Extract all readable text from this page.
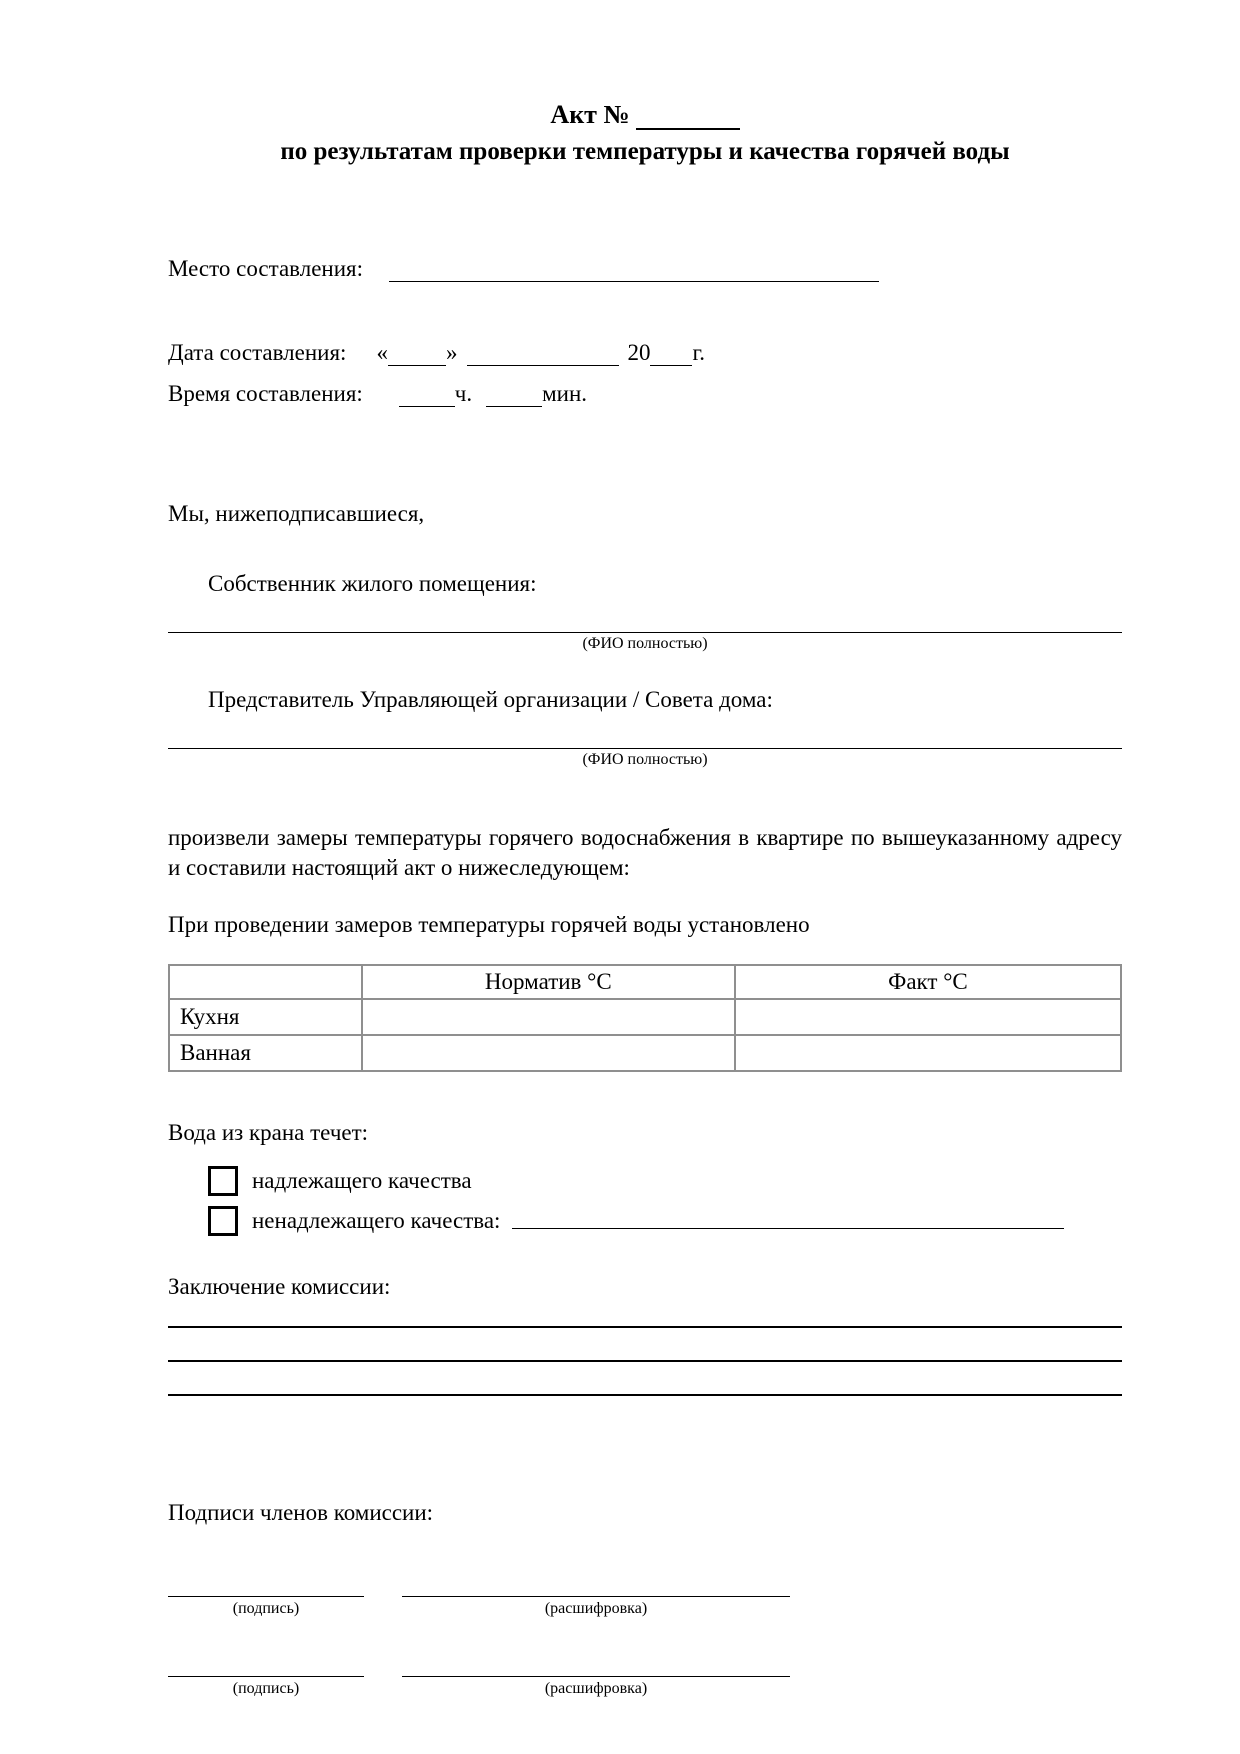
Акт №
по результатам проверки температуры и качества горячей воды
Место составления:
Дата составления: «	»	20 г.
Время составления:	ч.	мин.
Мы, нижеподписавшиеся,
Собственник жилого помещения:
(ФИО полностью)
Представитель Управляющей организации / Совета дома:
(ФИО полностью)
произвели замеры температуры горячего водоснабжения в квартире по вышеуказанному адресу и составили настоящий акт о нижеследующем:
При проведении замеров температуры горячей воды установлено
	Норматив °С	Факт °С
Кухня		
Ванная		
Вода из крана течет:
надлежащего качества
ненадлежащего качества:
Заключение комиссии:
Подписи членов комиссии:
(подпись)	(расшифровка)
(подпись)	(расшифровка)
